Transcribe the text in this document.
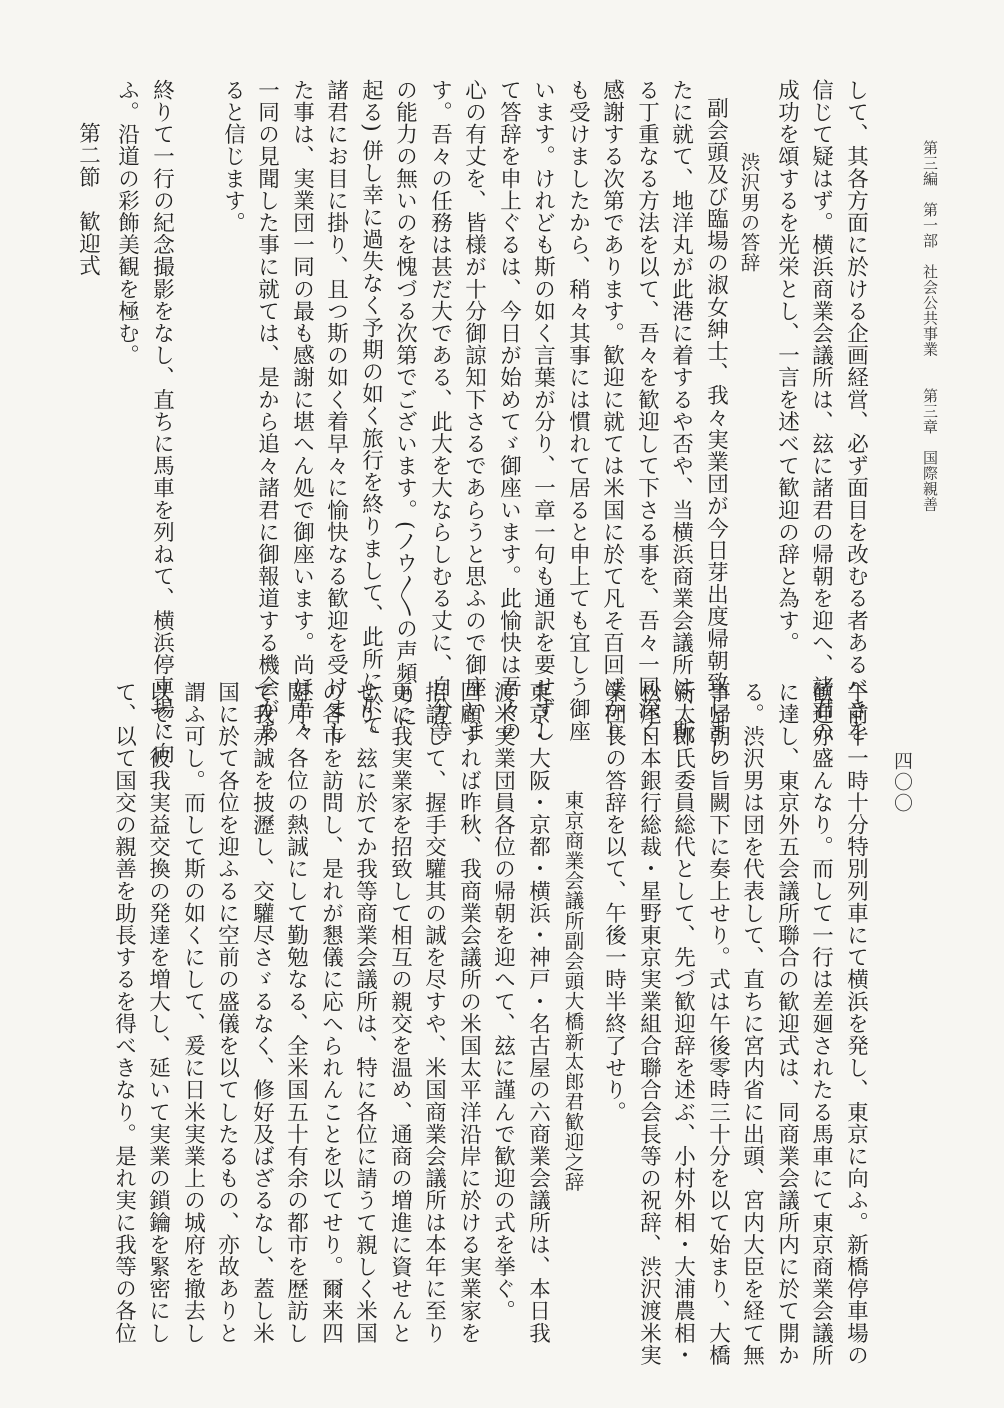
第三編　第一部　社会公共事業　　第三章　国際親善
四〇〇
して、其各方面に於ける企画経営、必ず面目を改むる者あるべきを
信じて疑はず。横浜商業会議所は、玆に諸君の帰朝を迎へ、諸君の
成功を頌するを光栄とし、一言を述べて歓迎の辞と為す。
渋沢男の答辞
副会頭及び臨場の淑女紳士、我々実業団が今日芽出度帰朝致しまし
たに就て、地洋丸が此港に着するや否や、当横浜商業会議所は、斯
る丁重なる方法を以て、吾々を歓迎して下さる事を、吾々一同深く
感謝する次第であります。歓迎に就ては米国に於て凡そ百回ばかり
も受けましたから、稍々其事には慣れて居ると申上ても宜しう御座
います。けれども斯の如く言葉が分り、一章一句も通訳を要せずし
て答辞を申上ぐるは、今日が始めてゞ御座います。此愉快は吾々の
心の有丈を、皆様が十分御諒知下さるであらうと思ふので御座いま
す。吾々の任務は甚だ大である、此大を大ならしむる丈に、自分等
の能力の無いのを愧づる次第でございます。(ノウ〳〵の声頻りに
起る) 併し幸に過失なく予期の如く旅行を終りまして、此所に於て
諸君にお目に掛り、且つ斯の如く着早々に愉快なる歓迎を受けまし
た事は、実業団一同の最も感謝に堪へん処で御座います。尚ほ吾々
一同の見聞した事に就ては、是から追々諸君に御報道する機会があ
ると信じます。
終りて一行の紀念撮影をなし、直ちに馬車を列ねて、横浜停車場に向
ふ。沿道の彩飾美観を極む。
第二節　歓迎式
午前十一時十分特別列車にて横浜を発し、東京に向ふ。新橋停車場の
歓迎亦盛んなり。而して一行は差廻されたる馬車にて東京商業会議所
に達し、東京外五会議所聯合の歓迎式は、同商業会議所内に於て開か
る。渋沢男は団を代表して、直ちに宮内省に出頭、宮内大臣を経て無
事帰朝の旨闕下に奏上せり。式は午後零時三十分を以て始まり、大橋
新太郎氏委員総代として、先づ歓迎辞を述ぶ、小村外相・大浦農相・
松尾日本銀行総裁・星野東京実業組合聯合会長等の祝辞、渋沢渡米実
業団長の答辞を以て、午後一時半終了せり。
東京商業会議所副会頭大橋新太郎君歓迎之辞
東京・大阪・京都・横浜・神戸・名古屋の六商業会議所は、本日我
渡米実業団員各位の帰朝を迎へて、玆に謹んで歓迎の式を挙ぐ。
回顧すれば昨秋、我商業会議所の米国太平洋沿岸に於ける実業家を
招請して、握手交驩其の誠を尽すや、米国商業会議所は本年に至り
更に我実業家を招致して相互の親交を温め、通商の増進に資せんと
せり。玆に於てか我等商業会議所は、特に各位に請うて親しく米国
の各市を訪問し、是れが懇儀に応へられんことを以てせり。爾来四
閲月、各位の熱誠にして勤勉なる、全米国五十有余の都市を歴訪し
て我赤誠を披瀝し、交驩尽さゞるなく、修好及ばざるなし、蓋し米
国に於て各位を迎ふるに空前の盛儀を以てしたるもの、亦故ありと
謂ふ可し。而して斯の如くにして、爰に日米実業上の城府を撤去し
以て、彼我実益交換の発達を増大し、延いて実業の鎖鑰を緊密にし
て、以て国交の親善を助長するを得べきなり。是れ実に我等の各位
